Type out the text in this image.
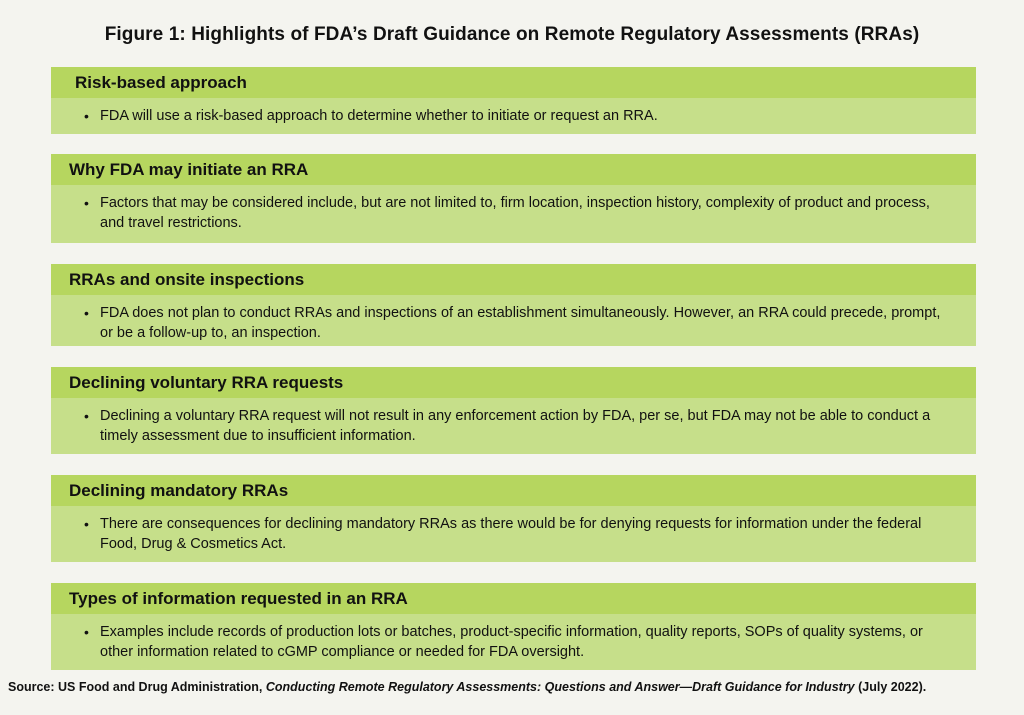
Figure 1: Highlights of FDA’s Draft Guidance on Remote Regulatory Assessments (RRAs)
Risk-based approach
• FDA will use a risk-based approach to determine whether to initiate or request an RRA.
Why FDA may initiate an RRA
• Factors that may be considered include, but are not limited to, firm location, inspection history, complexity of product and process, and travel restrictions.
RRAs and onsite inspections
• FDA does not plan to conduct RRAs and inspections of an establishment simultaneously. However, an RRA could precede, prompt, or be a follow-up to, an inspection.
Declining voluntary RRA requests
• Declining a voluntary RRA request will not result in any enforcement action by FDA, per se, but FDA may not be able to conduct a timely assessment due to insufficient information.
Declining mandatory RRAs
• There are consequences for declining mandatory RRAs as there would be for denying requests for information under the federal Food, Drug & Cosmetics Act.
Types of information requested in an RRA
• Examples include records of production lots or batches, product-specific information, quality reports, SOPs of quality systems, or other information related to cGMP compliance or needed for FDA oversight.
Source: US Food and Drug Administration, Conducting Remote Regulatory Assessments: Questions and Answer—Draft Guidance for Industry (July 2022).
